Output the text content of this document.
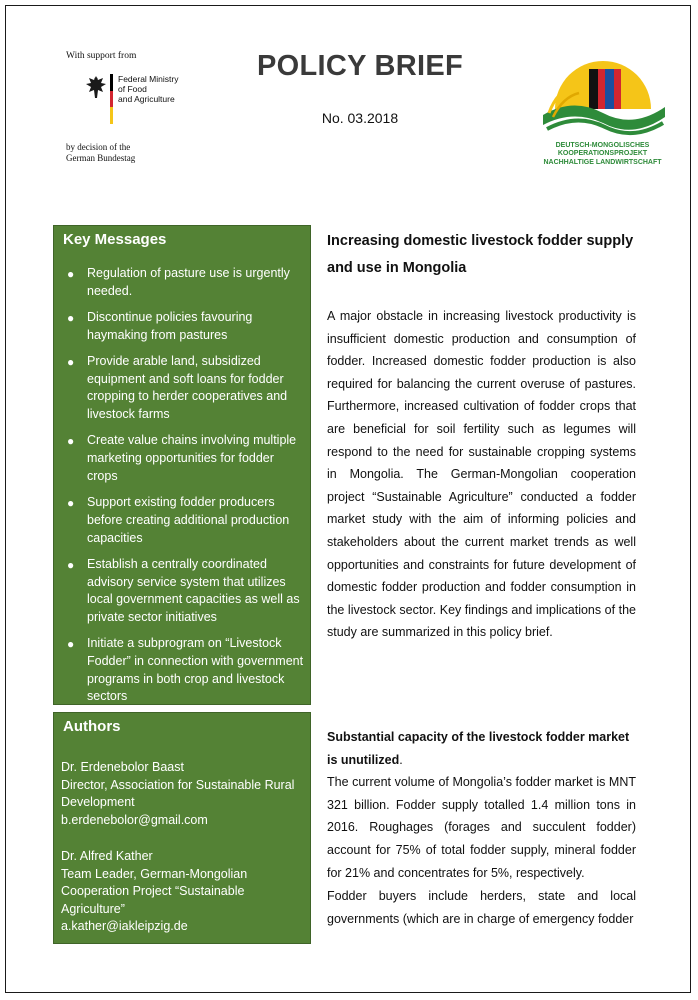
With support from
Federal Ministry
of Food
and Agriculture
by decision of the
German Bundestag
POLICY BRIEF
No. 03.2018
DEUTSCH-MONGOLISCHES
KOOPERATIONSPROJEKT
NACHHALTIGE LANDWIRTSCHAFT
Key Messages
● Regulation of pasture use is urgently needed.
● Discontinue policies favouring haymaking from pastures
● Provide arable land, subsidized equipment and soft loans for fodder cropping to herder cooperatives and livestock farms
● Create value chains involving multiple marketing opportunities for fodder crops
● Support existing fodder producers before creating additional production capacities
● Establish a centrally coordinated advisory service system that utilizes local government capacities as well as private sector initiatives
● Initiate a subprogram on “Livestock Fodder” in connection with government programs in both crop and livestock sectors
Authors
Dr. Erdenebolor Baast
Director, Association for Sustainable Rural Development
b.erdenebolor@gmail.com
Dr. Alfred Kather
Team Leader, German-Mongolian Cooperation Project “Sustainable Agriculture”
a.kather@iakleipzig.de
Increasing domestic livestock fodder supply and use in Mongolia

A major obstacle in increasing livestock productivity is insufficient domestic production and consumption of fodder. Increased domestic fodder production is also required for balancing the current overuse of pastures. Furthermore, increased cultivation of fodder crops that are beneficial for soil fertility such as legumes will respond to the need for sustainable cropping systems in Mongolia. The German-Mongolian cooperation project “Sustainable Agriculture” conducted a fodder market study with the aim of informing policies and stakeholders about the current market trends as well opportunities and constraints for future development of domestic fodder production and fodder consumption in the livestock sector. Key findings and implications of the study are summarized in this policy brief.

Substantial capacity of the livestock fodder market is unutilized.

The current volume of Mongolia’s fodder market is MNT 321 billion. Fodder supply totalled 1.4 million tons in 2016. Roughages (forages and succulent fodder) account for 75% of total fodder supply, mineral fodder for 21% and concentrates for 5%, respectively.

Fodder buyers include herders, state and local governments (which are in charge of emergency fodder
